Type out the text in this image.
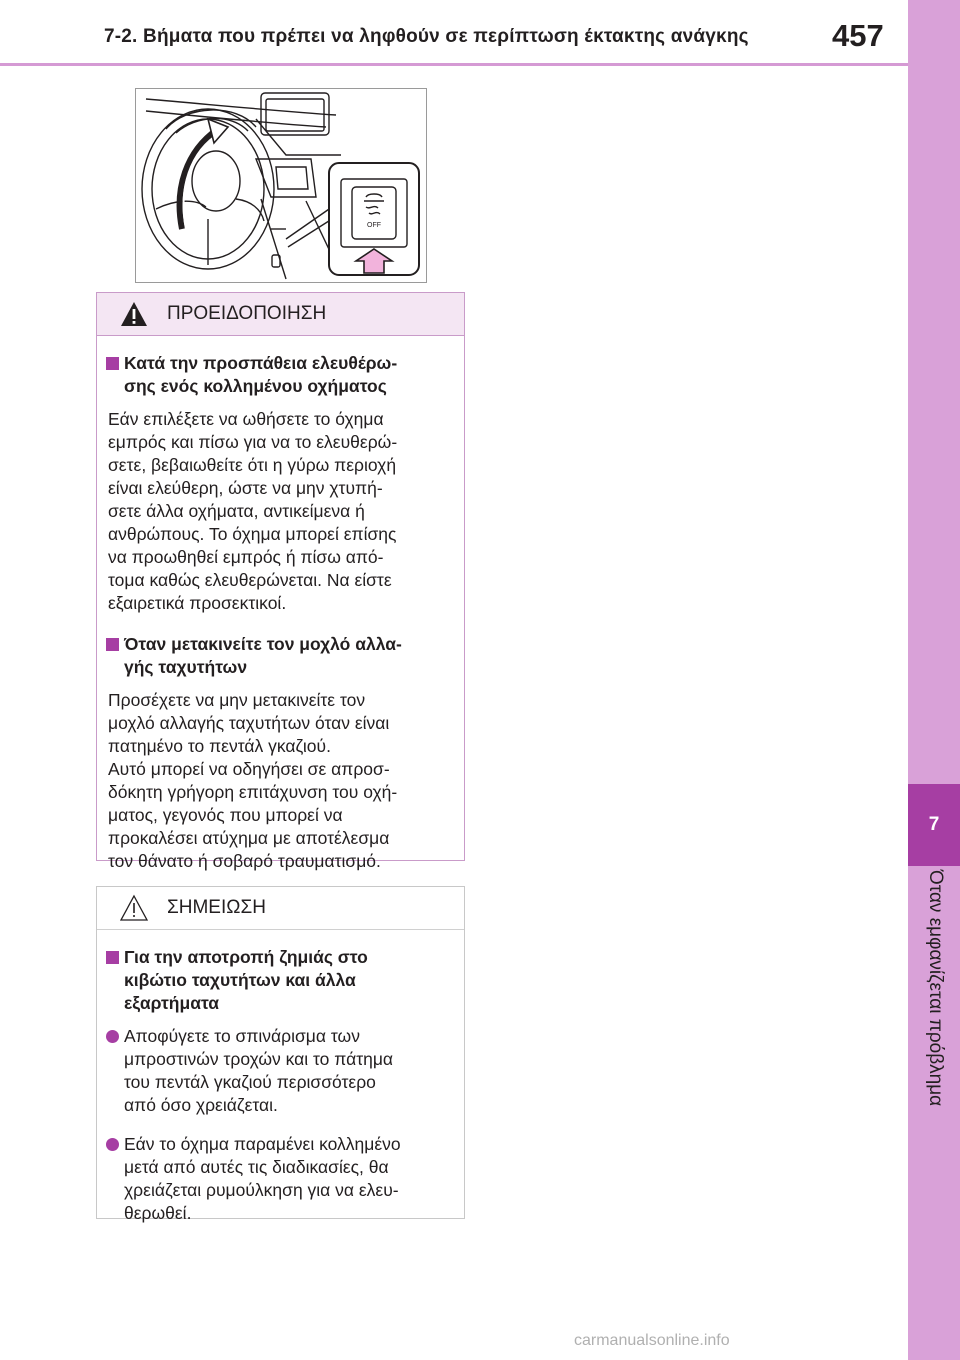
7-2. Βήματα που πρέπει να ληφθούν σε περίπτωση έκτακτης ανάγκης	457
7
Όταν εμφανίζεται πρόβλημα
OFF
ΠΡΟΕΙΔΟΠΟΙΗΣΗ
Κατά την προσπάθεια ελευθέρω-
σης ενός κολλημένου οχήματος
Εάν επιλέξετε να ωθήσετε το όχημα
εμπρός και πίσω για να το ελευθερώ-
σετε, βεβαιωθείτε ότι η γύρω περιοχή
είναι ελεύθερη, ώστε να μην χτυπή-
σετε άλλα οχήματα, αντικείμενα ή
ανθρώπους. Το όχημα μπορεί επίσης
να προωθηθεί εμπρός ή πίσω από-
τομα καθώς ελευθερώνεται. Να είστε
εξαιρετικά προσεκτικοί.
Όταν μετακινείτε τον μοχλό αλλα-
γής ταχυτήτων
Προσέχετε να μην μετακινείτε τον
μοχλό αλλαγής ταχυτήτων όταν είναι
πατημένο το πεντάλ γκαζιού.
Αυτό μπορεί να οδηγήσει σε απροσ-
δόκητη γρήγορη επιτάχυνση του οχή-
ματος, γεγονός που μπορεί να
προκαλέσει ατύχημα με αποτέλεσμα
τον θάνατο ή σοβαρό τραυματισμό.
ΣΗΜΕΙΩΣΗ
Για την αποτροπή ζημιάς στο
κιβώτιο ταχυτήτων και άλλα
εξαρτήματα
Αποφύγετε το σπινάρισμα των
μπροστινών τροχών και το πάτημα
του πεντάλ γκαζιού περισσότερο
από όσο χρειάζεται.
Εάν το όχημα παραμένει κολλημένο
μετά από αυτές τις διαδικασίες, θα
χρειάζεται ρυμούλκηση για να ελευ-
θερωθεί.
carmanualsonline.info
